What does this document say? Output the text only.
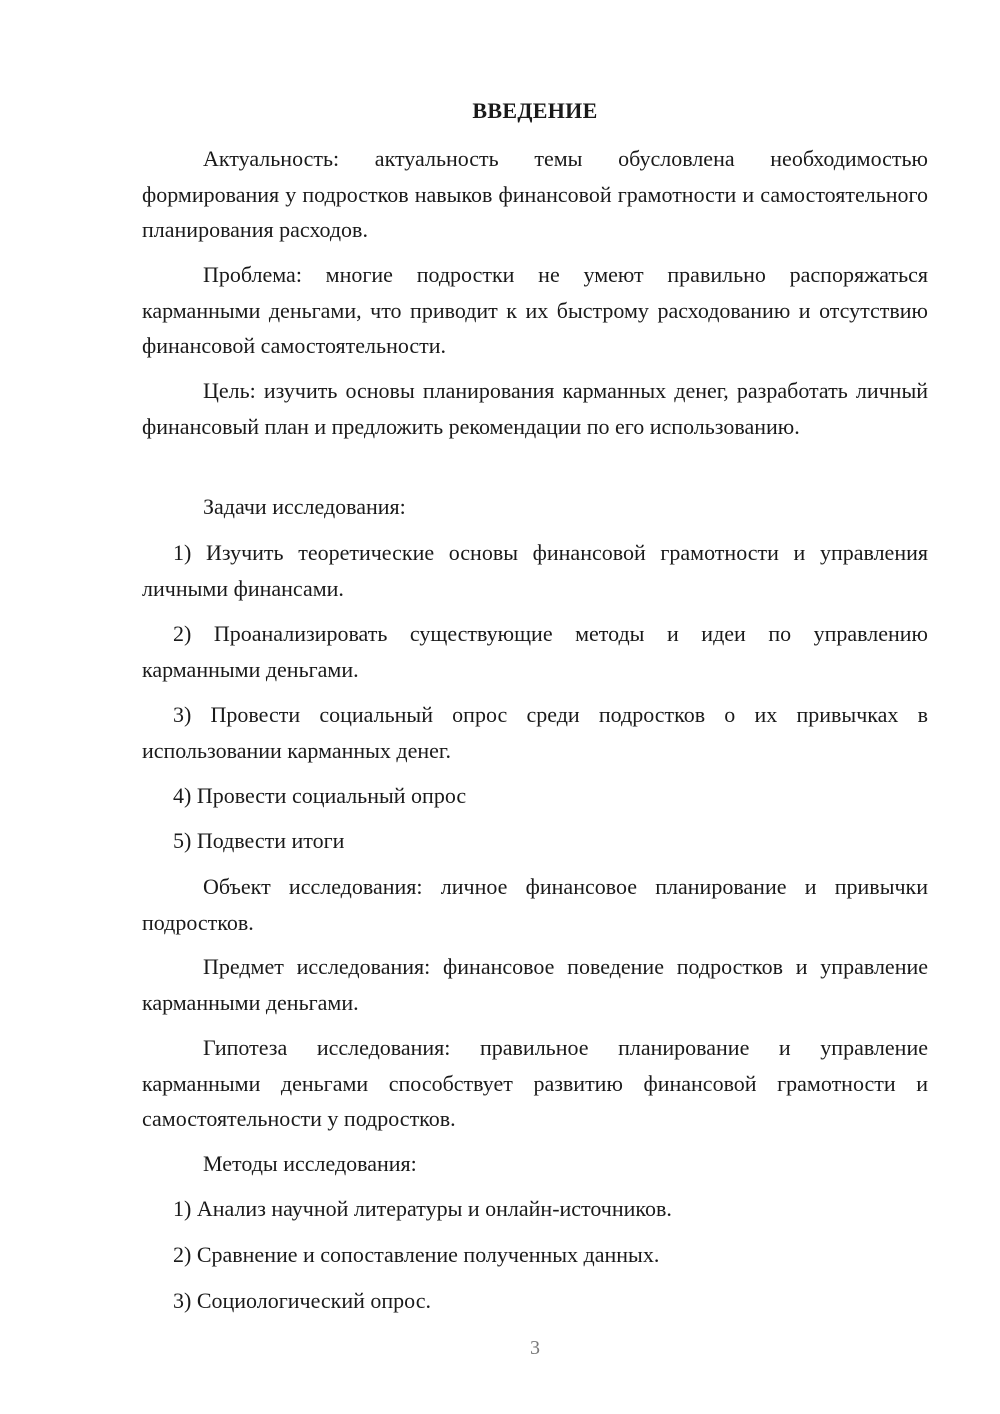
ВВЕДЕНИЕ

Актуальность: актуальность темы обусловлена необходимостью формирования у подростков навыков финансовой грамотности и самостоятельного планирования расходов.

Проблема: многие подростки не умеют правильно распоряжаться карманными деньгами, что приводит к их быстрому расходованию и отсутствию финансовой самостоятельности.

Цель: изучить основы планирования карманных денег, разработать личный финансовый план и предложить рекомендации по его использованию.

Задачи исследования:

1) Изучить теоретические основы финансовой грамотности и управления личными финансами.

2) Проанализировать существующие методы и идеи по управлению карманными деньгами.

3) Провести социальный опрос среди подростков о их привычках в использовании карманных денег.

4) Провести социальный опрос

5) Подвести итоги

Объект исследования: личное финансовое планирование и привычки подростков.

Предмет исследования: финансовое поведение подростков и управление карманными деньгами.

Гипотеза исследования: правильное планирование и управление карманными деньгами способствует развитию финансовой грамотности и самостоятельности у подростков.

Методы исследования:

1) Анализ научной литературы и онлайн-источников.

2) Сравнение и сопоставление полученных данных.

3) Социологический опрос.

3
